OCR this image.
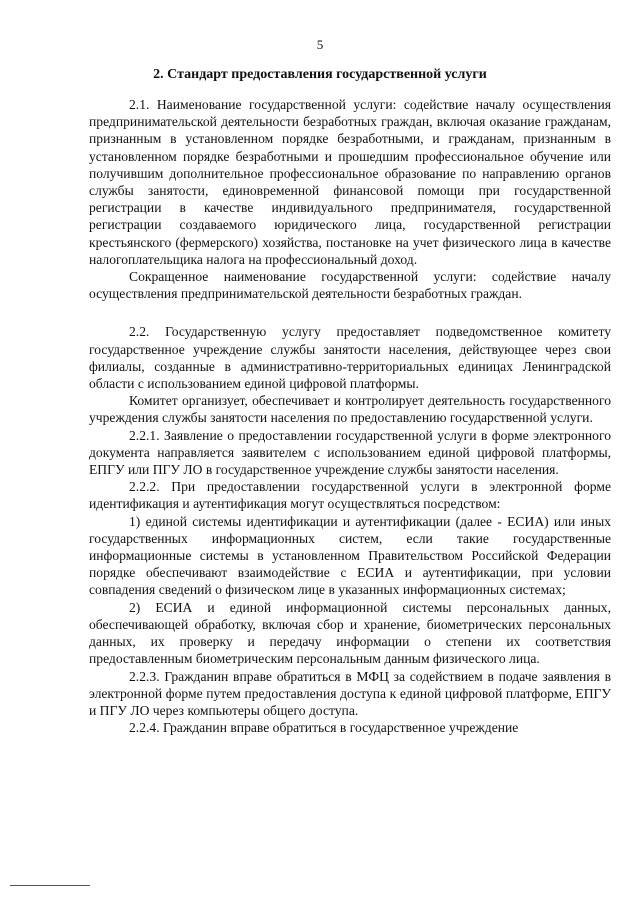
5
2. Стандарт предоставления государственной услуги

2.1. Наименование государственной услуги: содействие началу осуществления предпринимательской деятельности безработных граждан, включая оказание гражданам, признанным в установленном порядке безработными, и гражданам, признанным в установленном порядке безработными и прошедшим профессиональное обучение или получившим дополнительное профессиональное образование по направлению органов службы занятости, единовременной финансовой помощи при государственной регистрации в качестве индивидуального предпринимателя, государственной регистрации создаваемого юридического лица, государственной регистрации крестьянского (фермерского) хозяйства, постановке на учет физического лица в качестве налогоплательщика налога на профессиональный доход.

Сокращенное наименование государственной услуги: содействие началу осуществления предпринимательской деятельности безработных граждан.

2.2. Государственную услугу предоставляет подведомственное комитету государственное учреждение службы занятости населения, действующее через свои филиалы, созданные в административно-территориальных единицах Ленинградской области с использованием единой цифровой платформы.

Комитет организует, обеспечивает и контролирует деятельность государственного учреждения службы занятости населения по предоставлению государственной услуги.

2.2.1. Заявление о предоставлении государственной услуги в форме электронного документа направляется заявителем с использованием единой цифровой платформы, ЕПГУ или ПГУ ЛО в государственное учреждение службы занятости населения.

2.2.2. При предоставлении государственной услуги в электронной форме идентификация и аутентификация могут осуществляться посредством:

1) единой системы идентификации и аутентификации (далее - ЕСИА) или иных государственных информационных систем, если такие государственные информационные системы в установленном Правительством Российской Федерации порядке обеспечивают взаимодействие с ЕСИА и аутентификации, при условии совпадения сведений о физическом лице в указанных информационных системах;

2) ЕСИА и единой информационной системы персональных данных, обеспечивающей обработку, включая сбор и хранение, биометрических персональных данных, их проверку и передачу информации о степени их соответствия предоставленным биометрическим персональным данным физического лица.

2.2.3. Гражданин вправе обратиться в МФЦ за содействием в подаче заявления в электронной форме путем предоставления доступа к единой цифровой платформе, ЕПГУ и ПГУ ЛО через компьютеры общего доступа.

2.2.4. Гражданин вправе обратиться в государственное учреждение
